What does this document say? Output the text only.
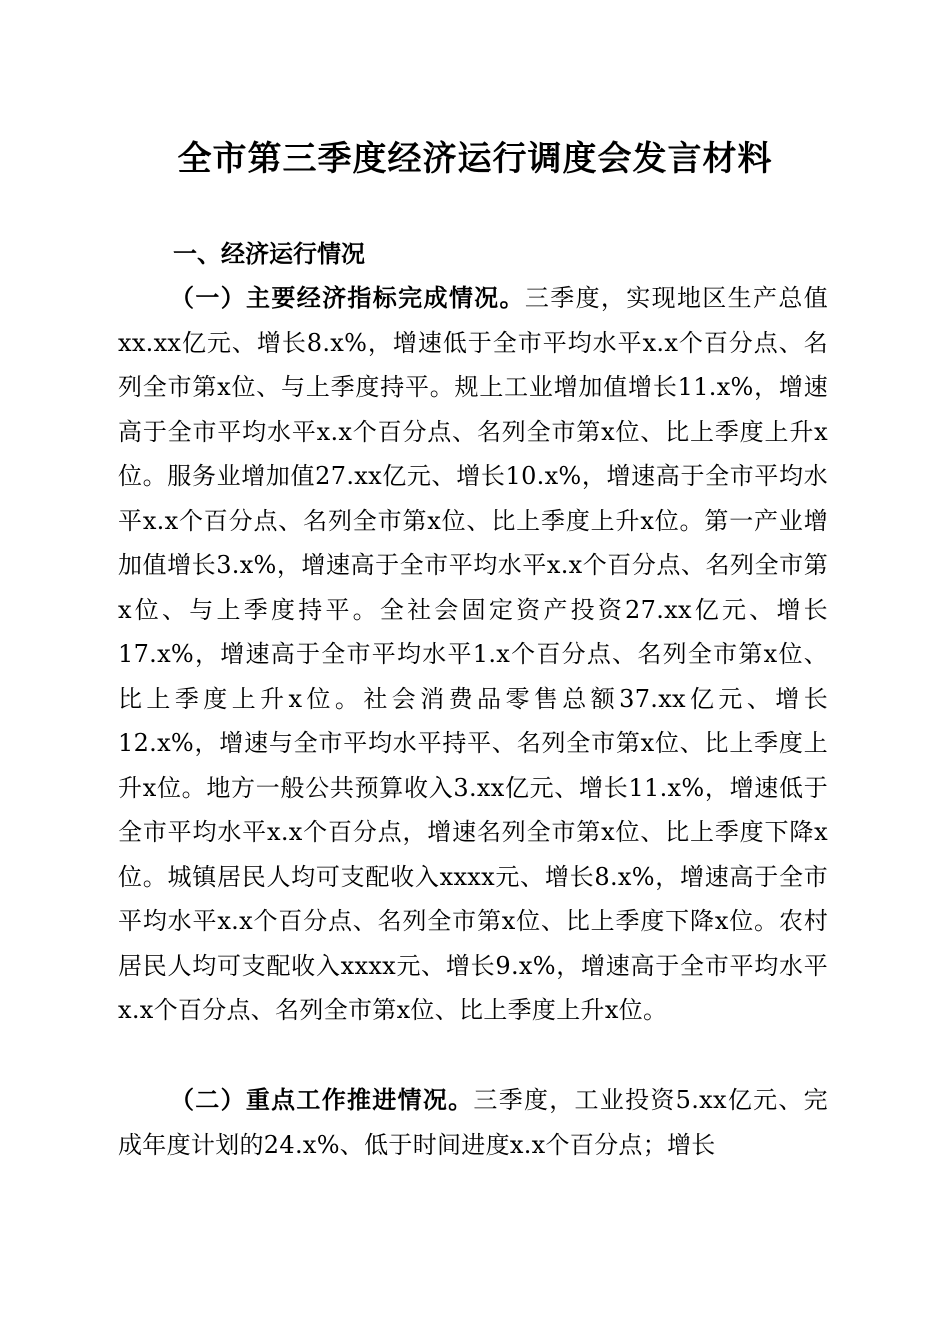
全市第三季度经济运行调度会发言材料
一、经济运行情况

（一）主要经济指标完成情况。三季度，实现地区生产总值xx.xx亿元、增长8.x%，增速低于全市平均水平x.x个百分点、名列全市第x位、与上季度持平。规上工业增加值增长11.x%，增速高于全市平均水平x.x个百分点、名列全市第x位、比上季度上升x位。服务业增加值27.xx亿元、增长10.x%，增速高于全市平均水平x.x个百分点、名列全市第x位、比上季度上升x位。第一产业增加值增长3.x%，增速高于全市平均水平x.x个百分点、名列全市第x位、与上季度持平。全社会固定资产投资27.xx亿元、增长17.x%，增速高于全市平均水平1.x个百分点、名列全市第x位、比上季度上升x位。社会消费品零售总额37.xx亿元、增长12.x%，增速与全市平均水平持平、名列全市第x位、比上季度上升x位。地方一般公共预算收入3.xx亿元、增长11.x%，增速低于全市平均水平x.x个百分点，增速名列全市第x位、比上季度下降x位。城镇居民人均可支配收入xxxx元、增长8.x%，增速高于全市平均水平x.x个百分点、名列全市第x位、比上季度下降x位。农村居民人均可支配收入xxxx元、增长9.x%，增速高于全市平均水平x.x个百分点、名列全市第x位、比上季度上升x位。

（二）重点工作推进情况。三季度，工业投资5.xx亿元、完成年度计划的24.x%、低于时间进度x.x个百分点；增长
